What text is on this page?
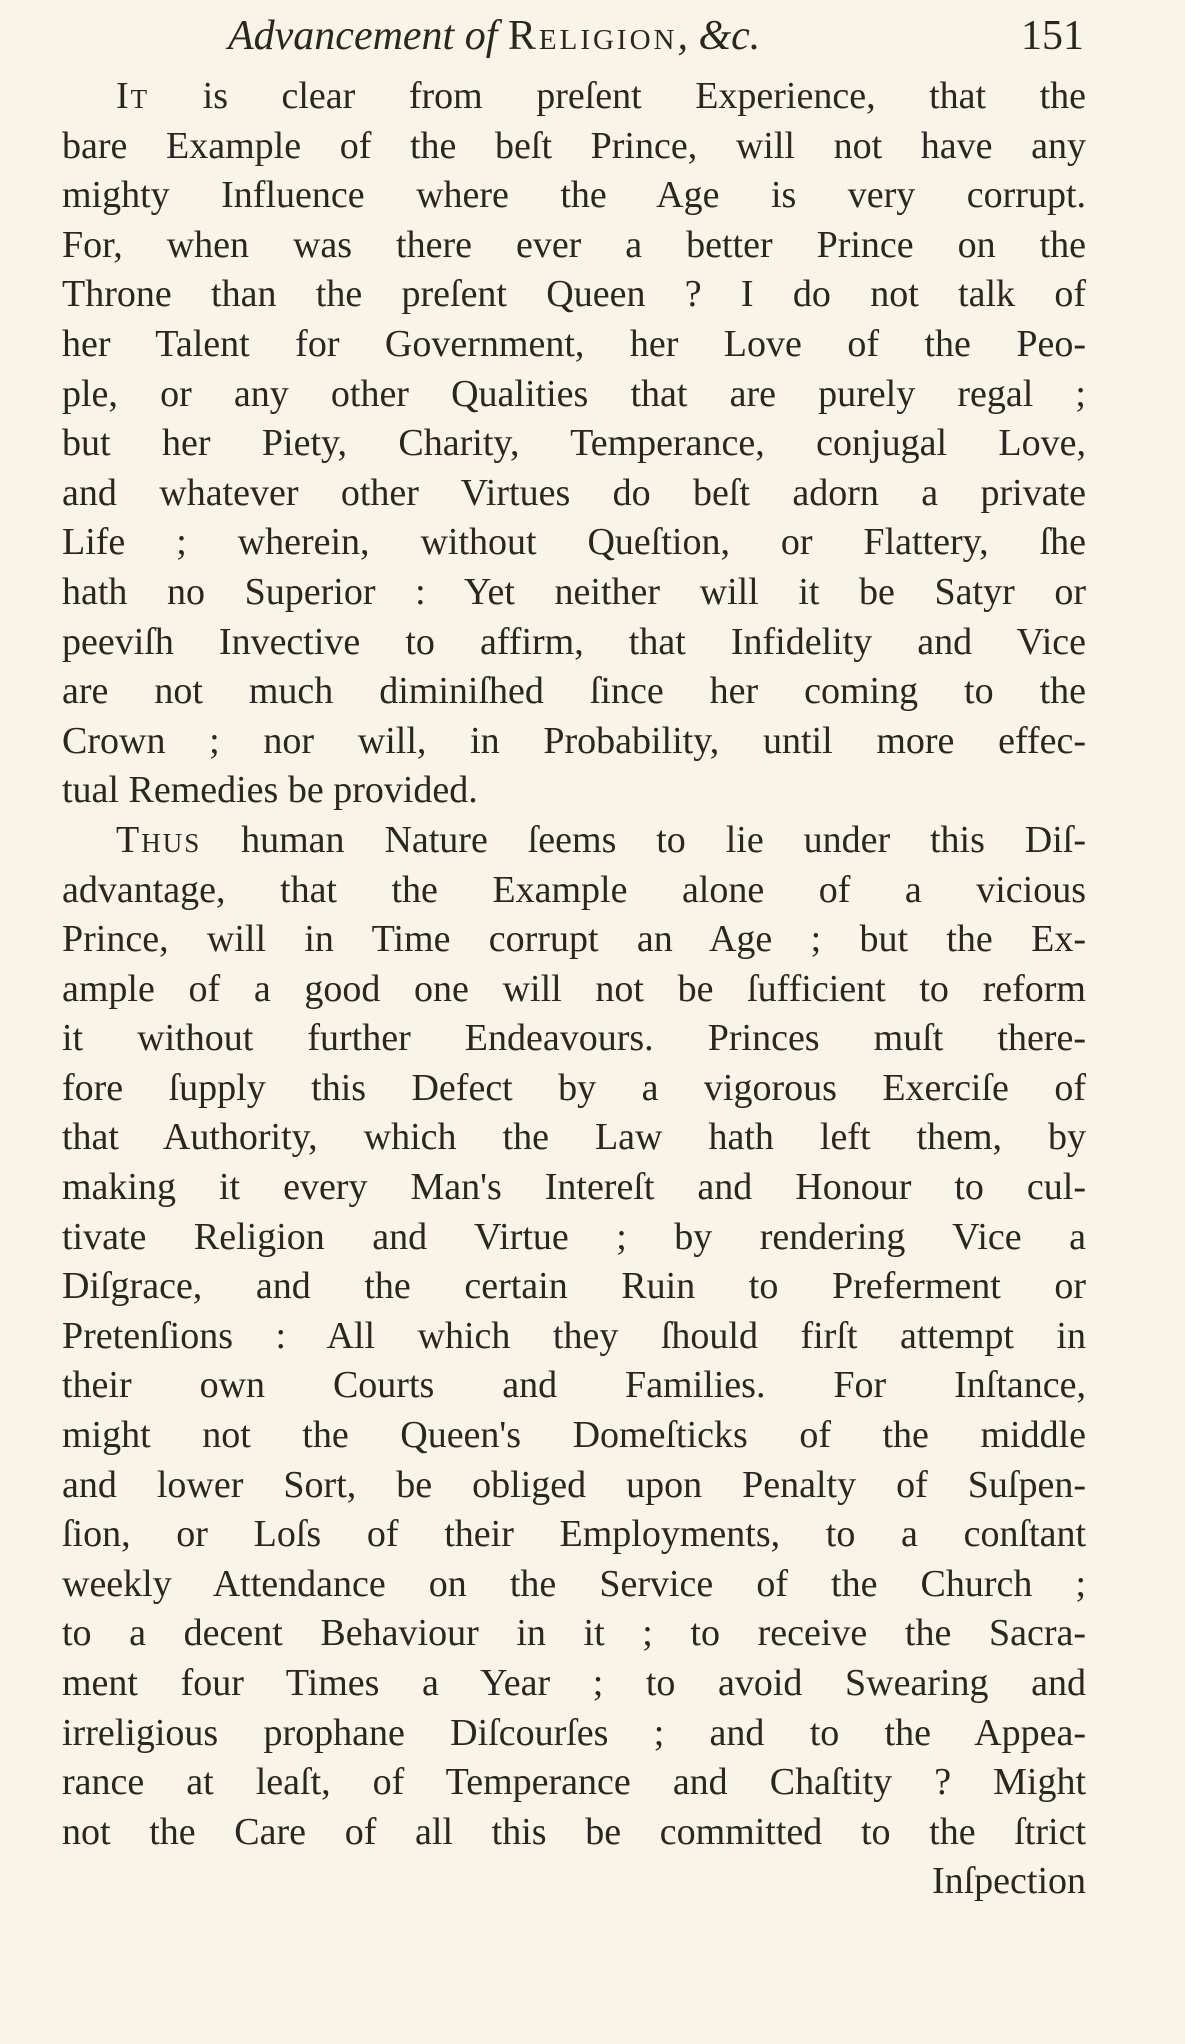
Advancement of Religion, &c.	151
It is clear from preſent Experience, that the
bare Example of the beſt Prince, will not have any
mighty Influence where the Age is very corrupt.
For, when was there ever a better Prince on the
Throne than the preſent Queen ? I do not talk of
her Talent for Government, her Love of the Peo-
ple, or any other Qualities that are purely regal ;
but her Piety, Charity, Temperance, conjugal Love,
and whatever other Virtues do beſt adorn a private
Life ; wherein, without Queſtion, or Flattery, ſhe
hath no Superior : Yet neither will it be Satyr or
peeviſh Invective to affirm, that Infidelity and Vice
are not much diminiſhed ſince her coming to the
Crown ; nor will, in Probability, until more effec-
tual Remedies be provided.
Thus human Nature ſeems to lie under this Diſ-
advantage, that the Example alone of a vicious
Prince, will in Time corrupt an Age ; but the Ex-
ample of a good one will not be ſufficient to reform
it without further Endeavours. Princes muſt there-
fore ſupply this Defect by a vigorous Exerciſe of
that Authority, which the Law hath left them, by
making it every Man's Intereſt and Honour to cul-
tivate Religion and Virtue ; by rendering Vice a
Diſgrace, and the certain Ruin to Preferment or
Pretenſions : All which they ſhould firſt attempt in
their own Courts and Families. For Inſtance,
might not the Queen's Domeſticks of the middle
and lower Sort, be obliged upon Penalty of Suſpen-
ſion, or Loſs of their Employments, to a conſtant
weekly Attendance on the Service of the Church ;
to a decent Behaviour in it ; to receive the Sacra-
ment four Times a Year ; to avoid Swearing and
irreligious prophane Diſcourſes ; and to the Appea-
rance at leaſt, of Temperance and Chaſtity ? Might
not the Care of all this be committed to the ſtrict
Inſpection
